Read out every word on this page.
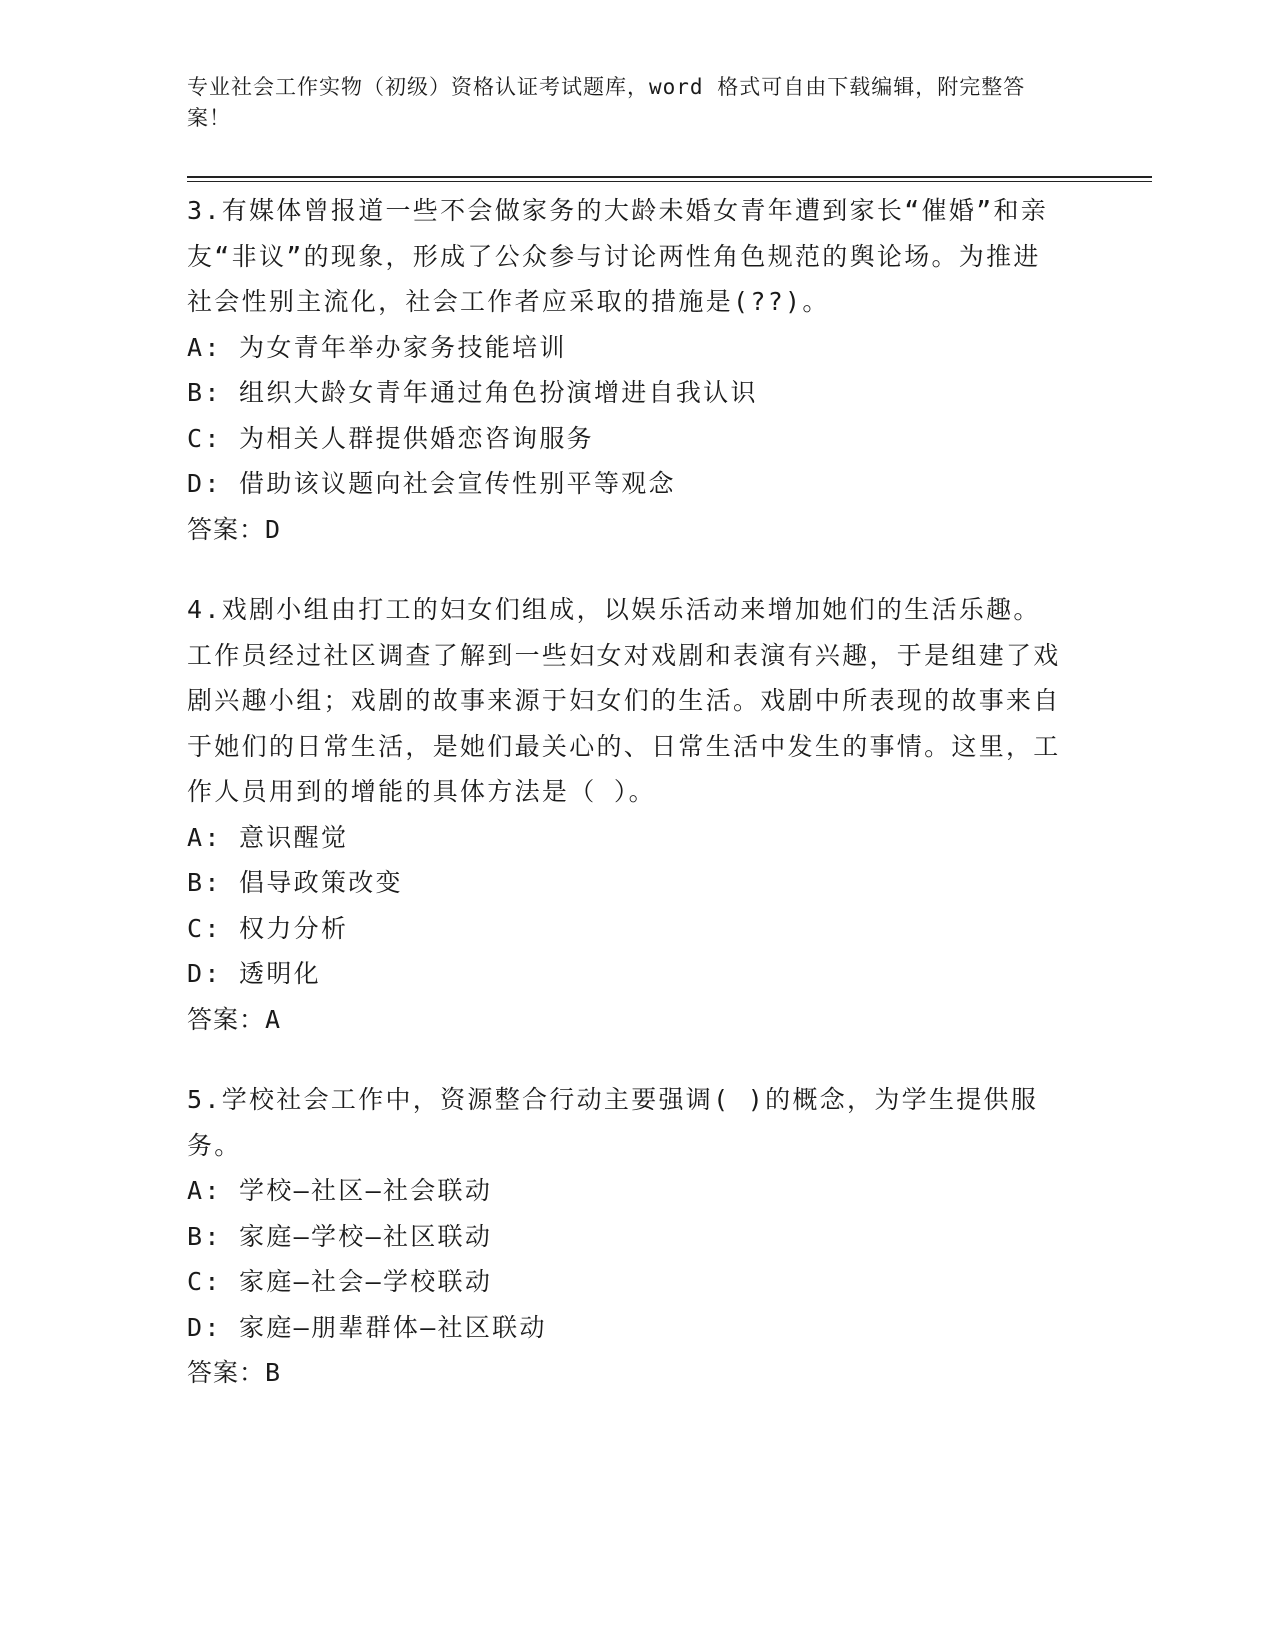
专业社会工作实物（初级）资格认证考试题库，word 格式可自由下载编辑，附完整答案！
3.有媒体曾报道一些不会做家务的大龄未婚女青年遭到家长“催婚”和亲友“非议”的现象，形成了公众参与讨论两性角色规范的舆论场。为推进社会性别主流化，社会工作者应采取的措施是(??)。
A: 为女青年举办家务技能培训
B: 组织大龄女青年通过角色扮演增进自我认识
C: 为相关人群提供婚恋咨询服务
D: 借助该议题向社会宣传性别平等观念
答案：D
4.戏剧小组由打工的妇女们组成，以娱乐活动来增加她们的生活乐趣。工作员经过社区调查了解到一些妇女对戏剧和表演有兴趣，于是组建了戏剧兴趣小组；戏剧的故事来源于妇女们的生活。戏剧中所表现的故事来自于她们的日常生活，是她们最关心的、日常生活中发生的事情。这里，工作人员用到的增能的具体方法是（ ）。
A: 意识醒觉
B: 倡导政策改变
C: 权力分析
D: 透明化
答案：A
5.学校社会工作中，资源整合行动主要强调( )的概念，为学生提供服务。
A: 学校—社区—社会联动
B: 家庭—学校—社区联动
C: 家庭—社会—学校联动
D: 家庭—朋辈群体—社区联动
答案：B
